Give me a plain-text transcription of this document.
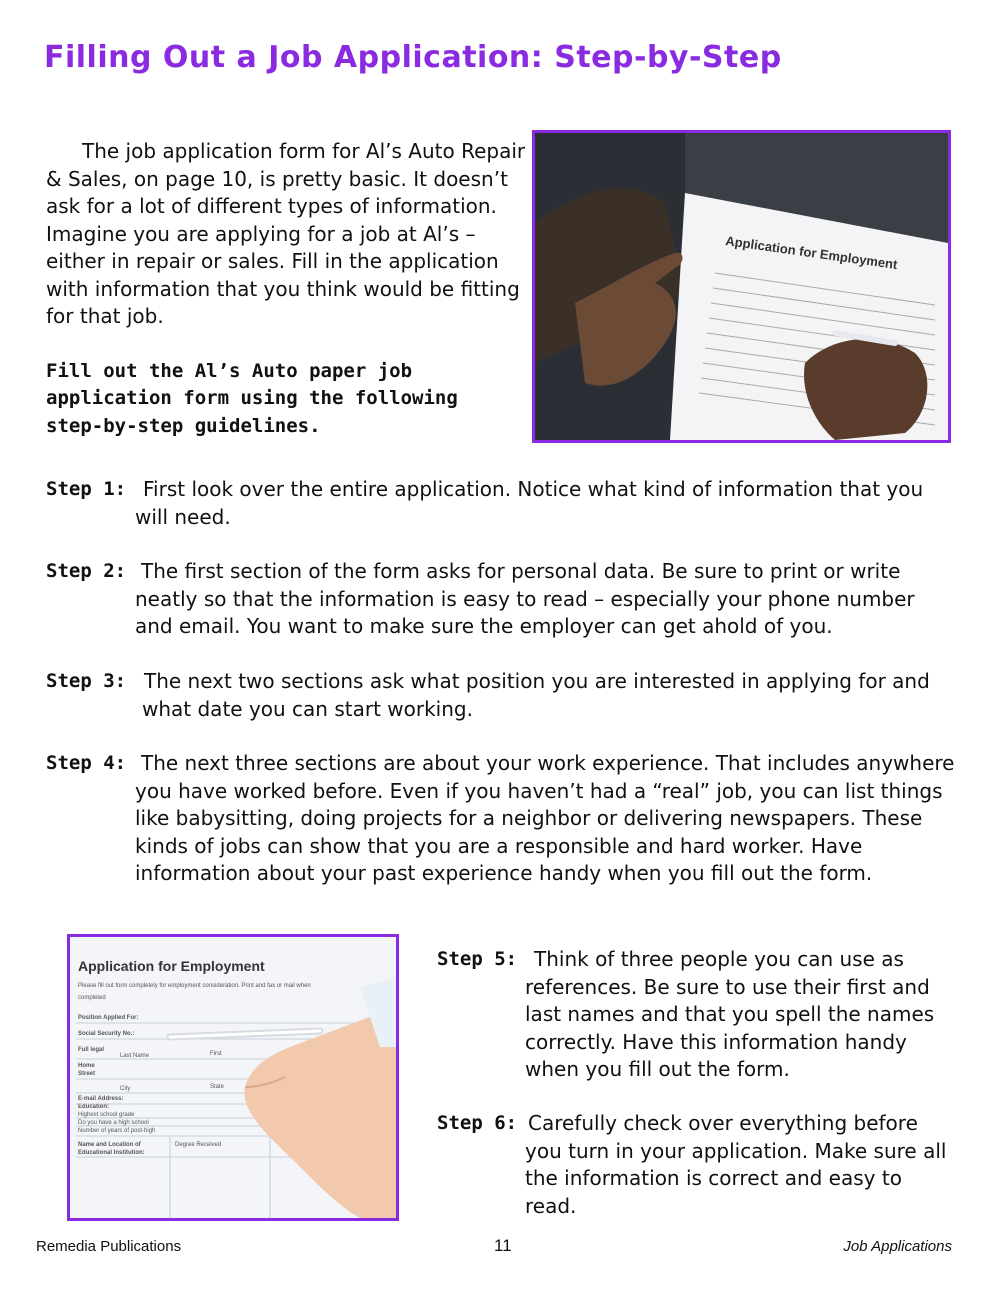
Filling Out a Job Application: Step-by-Step

The job application form for Al’s Auto Repair & Sales, on page 10, is pretty basic. It doesn’t ask for a lot of different types of information. Imagine you are applying for a job at Al’s – either in repair or sales. Fill in the application with information that you think would be fitting for that job.

Fill out the Al’s Auto paper job application form using the following step-by-step guidelines.

Application for Employment
Step 1: First look over the entire application. Notice what kind of information that you will need.

Step 2: The first section of the form asks for personal data. Be sure to print or write neatly so that the information is easy to read – especially your phone number and email. You want to make sure the employer can get ahold of you.

Step 3: The next two sections ask what position you are interested in applying for and what date you can start working.

Step 4: The next three sections are about your work experience. That includes anywhere you have worked before. Even if you haven’t had a “real” job, you can list things like babysitting, doing projects for a neighbor or delivering newspapers. These kinds of jobs can show that you are a responsible and hard worker. Have information about your past experience handy when you fill out the form.

Application for Employment
Please fill out form completely for employment consideration. Print and fax or mail when
completed
Position Applied For:
Social Security No.:
Full legal
Last Name	First
Home
Street
City	State
E-mail Address:
Education:
Highest school grade
Do you have a high school
Number of years of post-high
Name and Location of
Educational Institution:
Degree Received
Step 5: Think of three people you can use as references. Be sure to use their first and last names and that you spell the names correctly. Have this information handy when you fill out the form.

Step 6: Carefully check over everything before you turn in your application. Make sure all the information is correct and easy to read.

Remedia Publications	11	Job Applications
